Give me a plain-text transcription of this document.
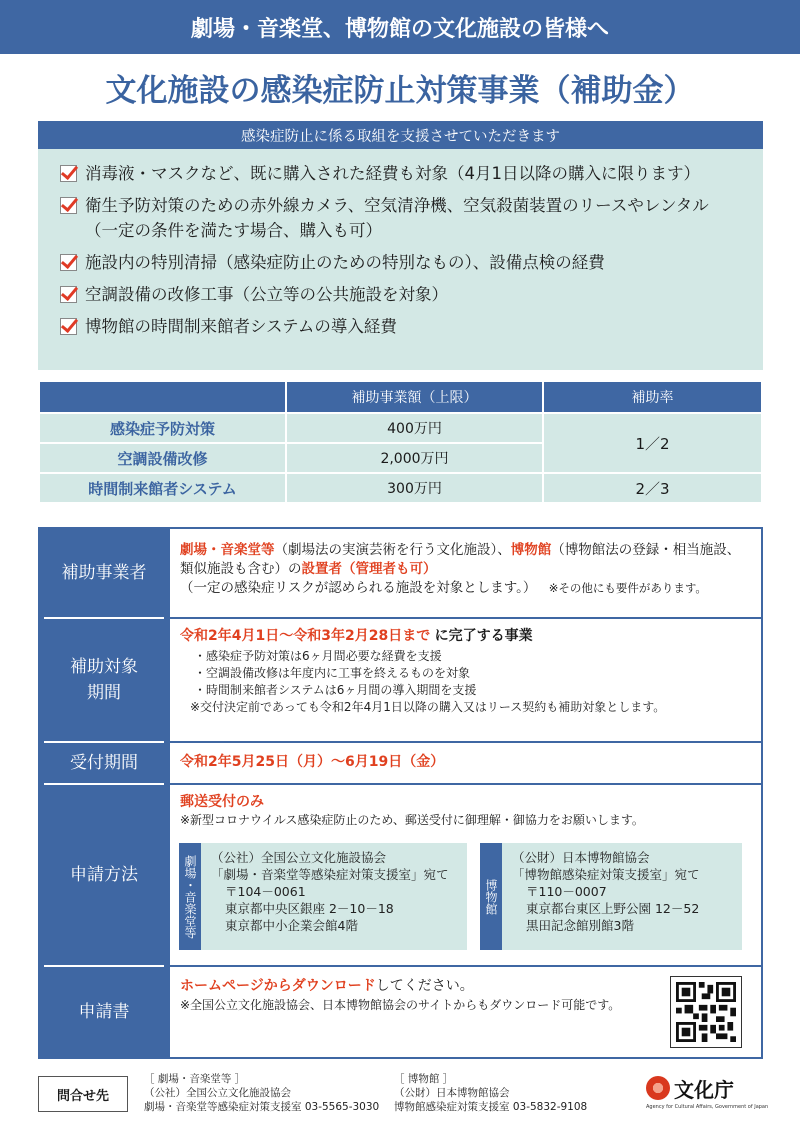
劇場・音楽堂、博物館の文化施設の皆様へ
文化施設の感染症防止対策事業（補助金）
感染症防止に係る取組を支援させていただきます
消毒液・マスクなど、既に購入された経費も対象（4月1日以降の購入に限ります）
衛生予防対策のための赤外線カメラ、空気清浄機、空気殺菌装置のリースやレンタル（一定の条件を満たす場合、購入も可）
施設内の特別清掃（感染症防止のための特別なもの）、設備点検の経費
空調設備の改修工事（公立等の公共施設を対象）
博物館の時間制来館者システムの導入経費
	補助事業額（上限）	補助率
感染症予防対策	400万円	1／2
空調設備改修	2,000万円	
時間制来館者システム	300万円	2／3
補助事業者
劇場・音楽堂等（劇場法の実演芸術を行う文化施設）、博物館（博物館法の登録・相当施設、類似施設も含む）の設置者（管理者も可）
（一定の感染症リスクが認められる施設を対象とします。） ※その他にも要件があります。
補助対象
期間
令和2年4月1日～令和3年2月28日まで に完了する事業
・感染症予防対策は6ヶ月間必要な経費を支援
・空調設備改修は年度内に工事を終えるものを対象
・時間制来館者システムは6ヶ月間の導入期間を支援
※交付決定前であっても令和2年4月1日以降の購入又はリース契約も補助対象とします。
受付期間	令和2年5月25日（月）～6月19日（金）
申請方法
郵送受付のみ
※新型コロナウイルス感染症防止のため、郵送受付に御理解・御協力をお願いします。
劇場・音楽堂等 （公社）全国公立文化施設協会
「劇場・音楽堂等感染症対策支援室」宛て
〒104－0061
東京都中央区銀座 2－10－18
東京都中小企業会館4階
博物館
（公財）日本博物館協会
「博物館感染症対策支援室」宛て
〒110－0007
東京都台東区上野公園 12－52
黒田記念館別館3階
申請書
ホームページからダウンロードしてください。
※全国公立文化施設協会、日本博物館協会のサイトからもダウンロード可能です。
問合せ先
［ 劇場・音楽堂等 ］
（公社）全国公立文化施設協会
劇場・音楽堂等感染症対策支援室 03-5565-3030
［ 博物館 ］
（公財）日本博物館協会
博物館感染症対策支援室 03-5832-9108
文化庁
Agency for Cultural Affairs, Government of Japan
